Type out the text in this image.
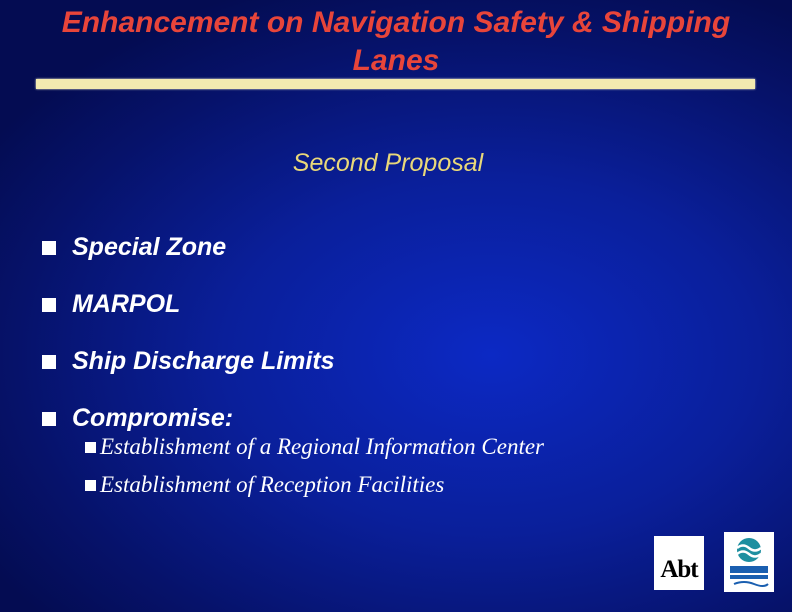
Enhancement on Navigation Safety & Shipping Lanes
Second Proposal
Special Zone
MARPOL
Ship Discharge Limits
Compromise:
Establishment of a Regional Information Center
Establishment of Reception Facilities
Abt
